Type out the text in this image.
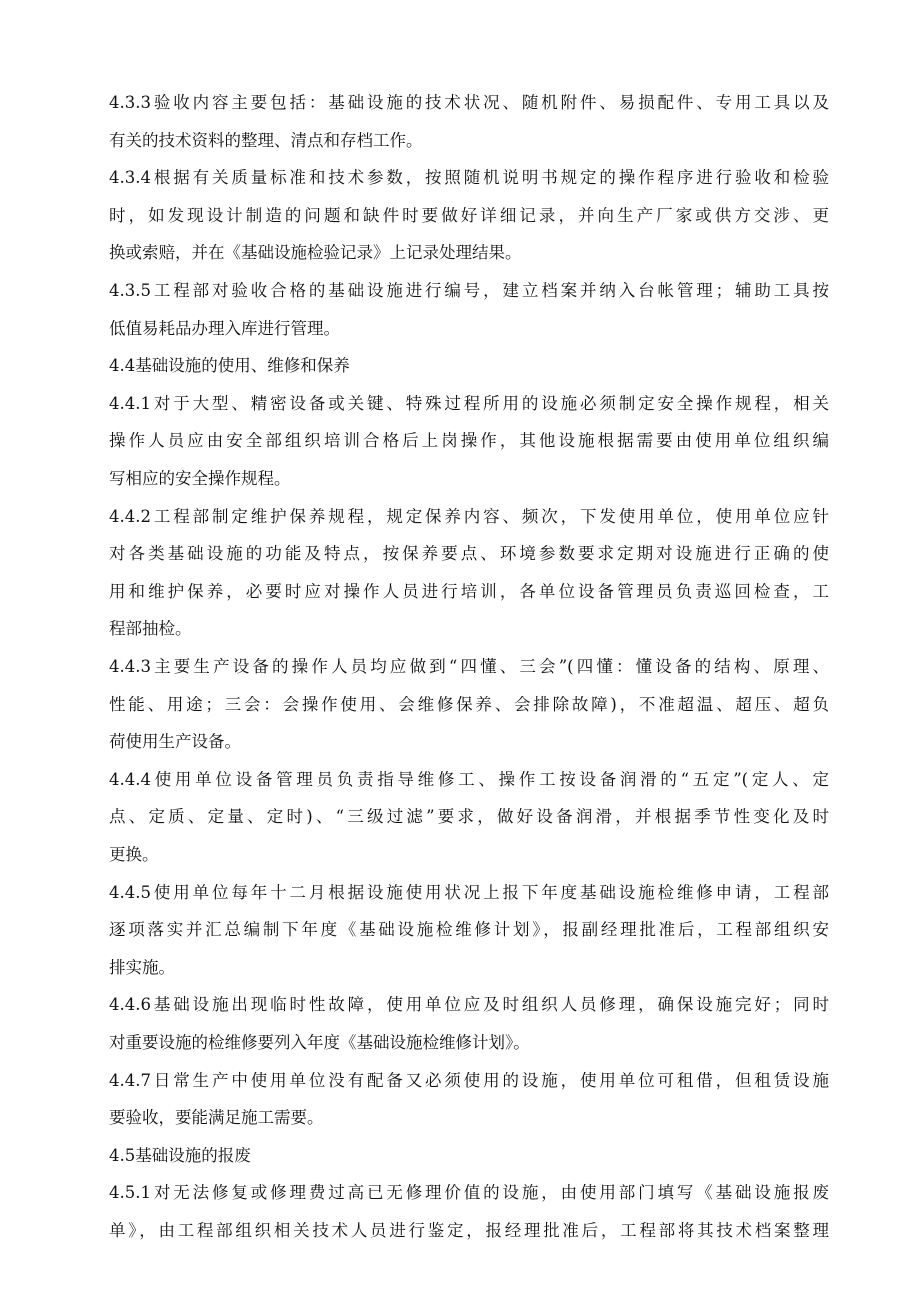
4.3.3验收内容主要包括：基础设施的技术状况、随机附件、易损配件、专用工具以及
有关的技术资料的整理、清点和存档工作。
4.3.4根据有关质量标准和技术参数，按照随机说明书规定的操作程序进行验收和检验
时，如发现设计制造的问题和缺件时要做好详细记录，并向生产厂家或供方交涉、更
换或索赔，并在《基础设施检验记录》上记录处理结果。
4.3.5工程部对验收合格的基础设施进行编号，建立档案并纳入台帐管理；辅助工具按
低值易耗品办理入库进行管理。
4.4基础设施的使用、维修和保养
4.4.1对于大型、精密设备或关键、特殊过程所用的设施必须制定安全操作规程，相关
操作人员应由安全部组织培训合格后上岗操作，其他设施根据需要由使用单位组织编
写相应的安全操作规程。
4.4.2工程部制定维护保养规程，规定保养内容、频次，下发使用单位，使用单位应针
对各类基础设施的功能及特点，按保养要点、环境参数要求定期对设施进行正确的使
用和维护保养，必要时应对操作人员进行培训，各单位设备管理员负责巡回检查，工
程部抽检。
4.4.3主要生产设备的操作人员均应做到“四懂、三会”(四懂：懂设备的结构、原理、
性能、用途；三会：会操作使用、会维修保养、会排除故障)，不准超温、超压、超负
荷使用生产设备。
4.4.4使用单位设备管理员负责指导维修工、操作工按设备润滑的“五定”(定人、定
点、定质、定量、定时)、“三级过滤”要求，做好设备润滑，并根据季节性变化及时
更换。
4.4.5使用单位每年十二月根据设施使用状况上报下年度基础设施检维修申请，工程部
逐项落实并汇总编制下年度《基础设施检维修计划》，报副经理批准后，工程部组织安
排实施。
4.4.6基础设施出现临时性故障，使用单位应及时组织人员修理，确保设施完好；同时
对重要设施的检维修要列入年度《基础设施检维修计划》。
4.4.7日常生产中使用单位没有配备又必须使用的设施，使用单位可租借，但租赁设施
要验收，要能满足施工需要。
4.5基础设施的报废
4.5.1对无法修复或修理费过高已无修理价值的设施，由使用部门填写《基础设施报废
单》，由工程部组织相关技术人员进行鉴定，报经理批准后，工程部将其技术档案整理
